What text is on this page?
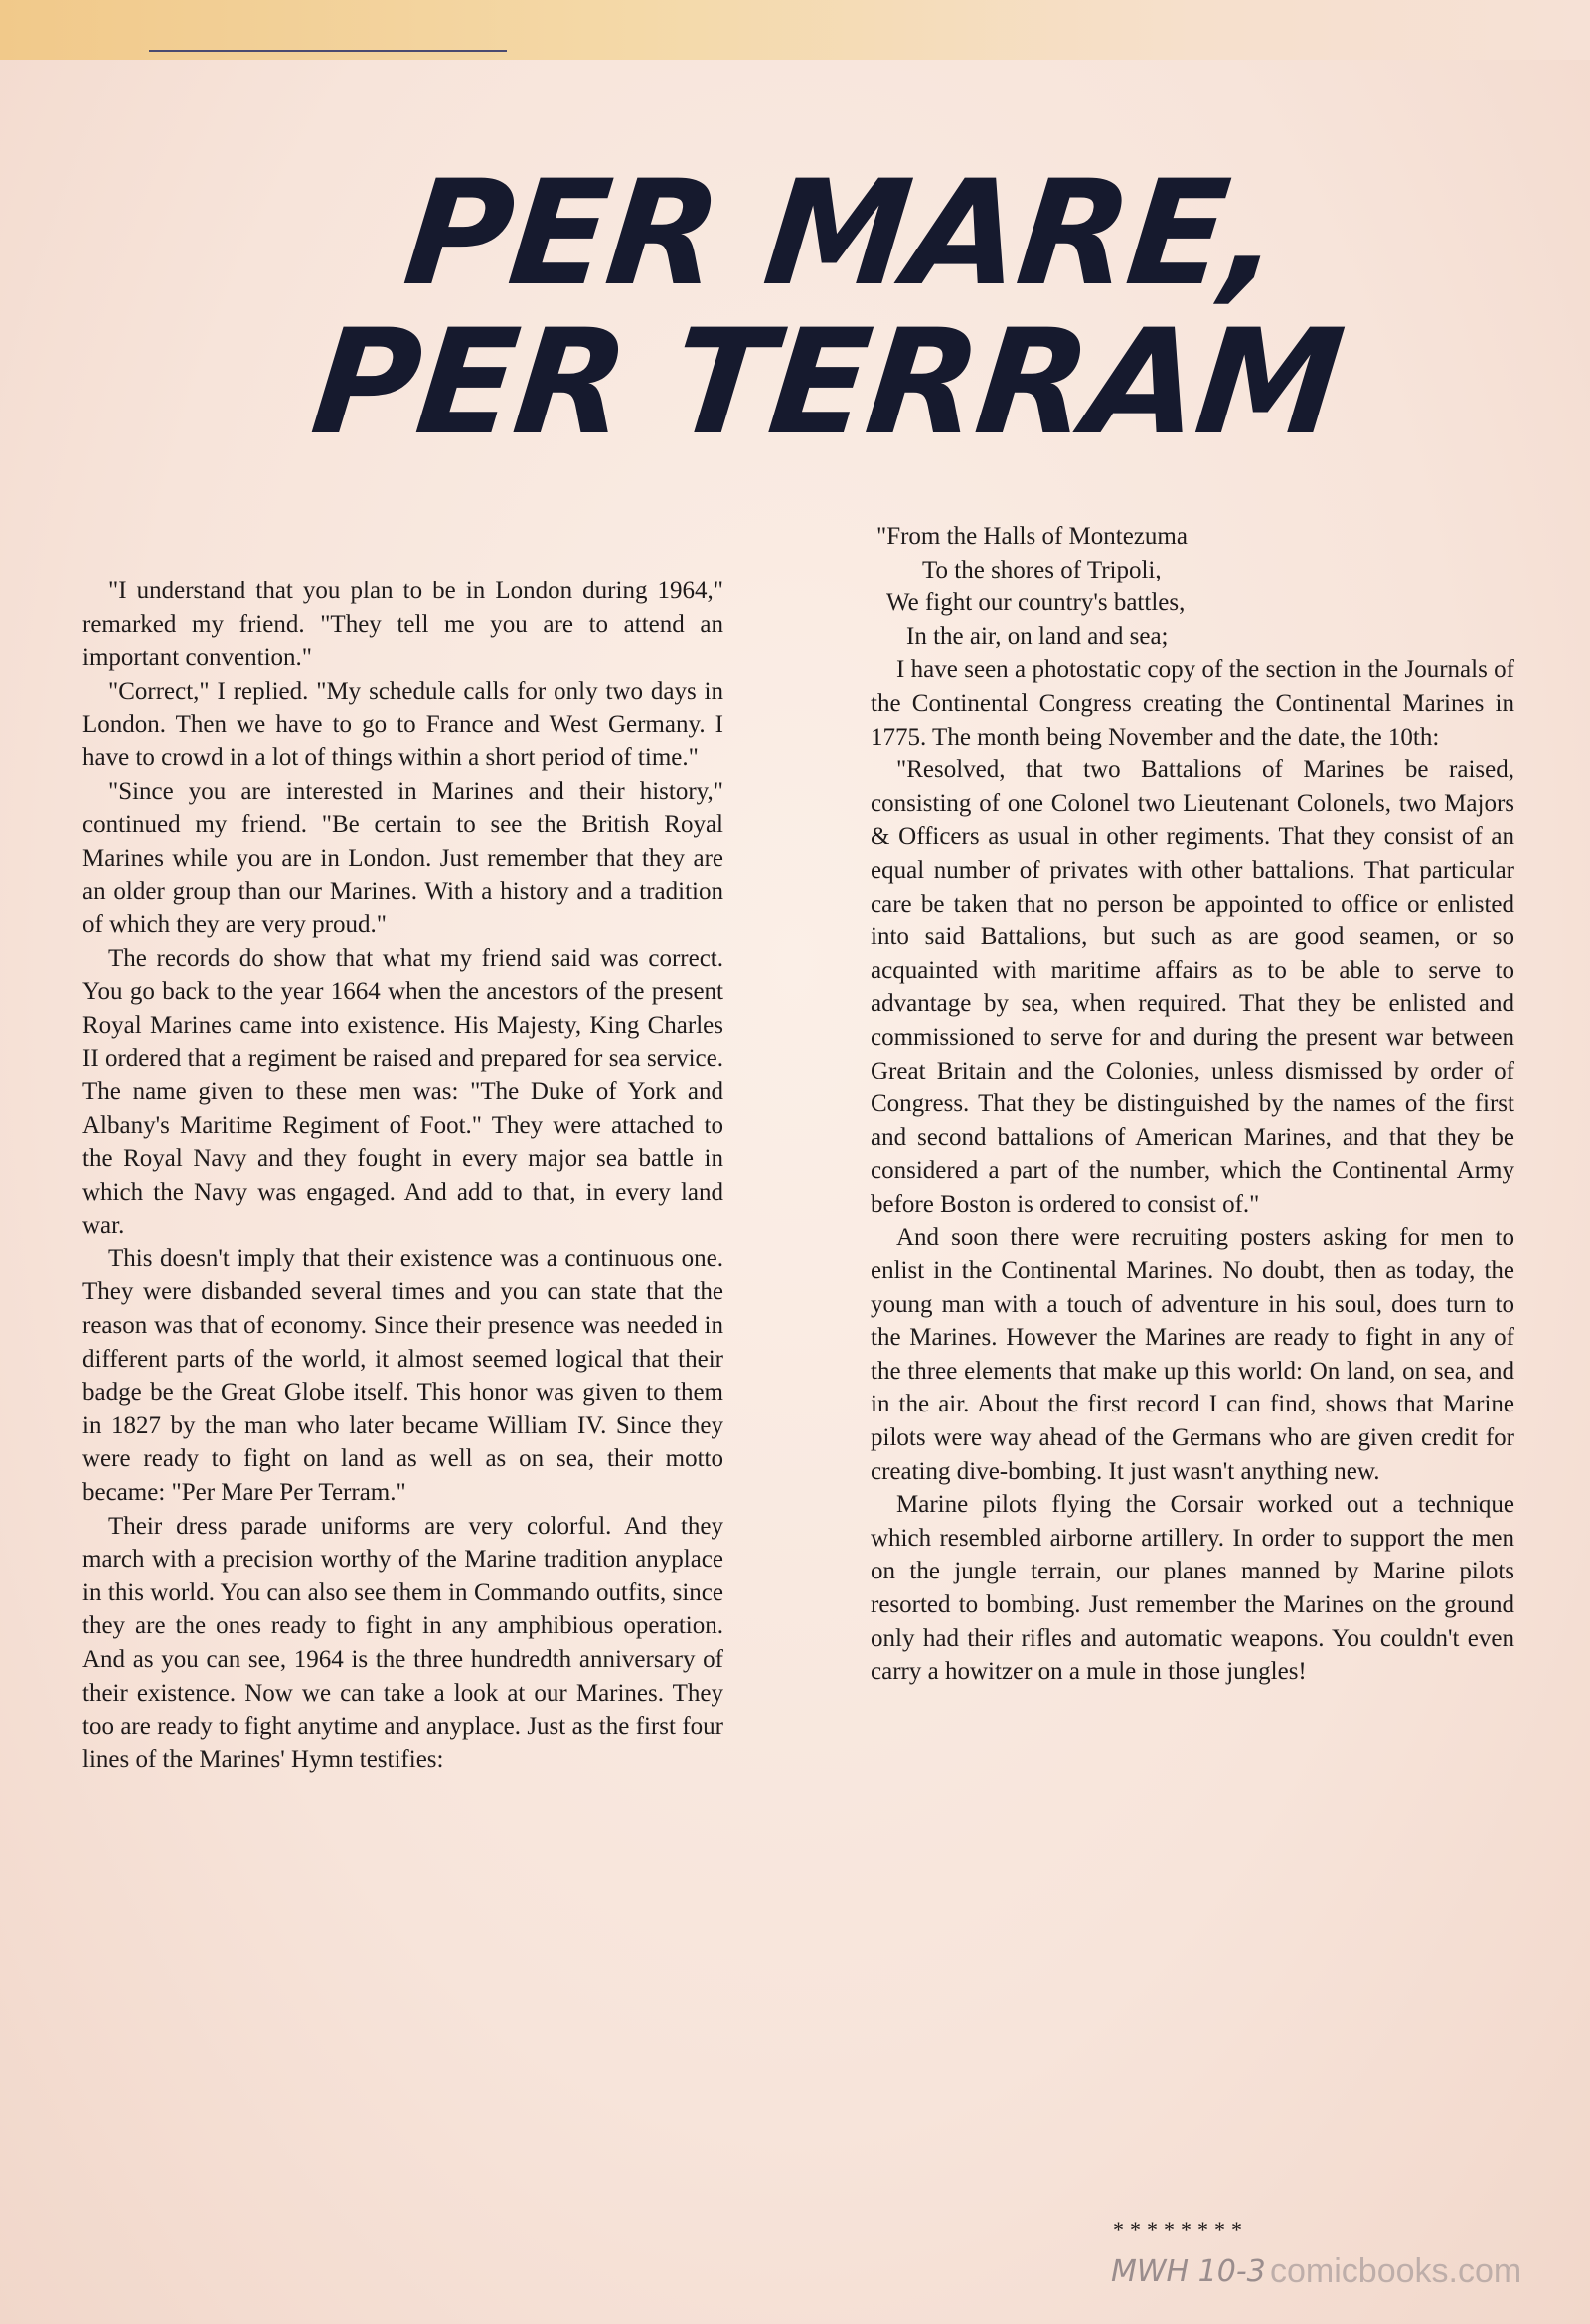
PER MARE,
PER TERRAM

"I understand that you plan to be in London during 1964," remarked my friend. "They tell me you are to attend an important convention."

"Correct," I replied. "My schedule calls for only two days in London. Then we have to go to France and West Germany. I have to crowd in a lot of things within a short period of time."

"Since you are interested in Marines and their history," continued my friend. "Be certain to see the British Royal Marines while you are in London. Just remember that they are an older group than our Marines. With a history and a tradition of which they are very proud."

The records do show that what my friend said was correct. You go back to the year 1664 when the ancestors of the present Royal Marines came into existence. His Majesty, King Charles II ordered that a regiment be raised and prepared for sea service. The name given to these men was: "The Duke of York and Albany's Maritime Regiment of Foot." They were attached to the Royal Navy and they fought in every major sea battle in which the Navy was engaged. And add to that, in every land war.

This doesn't imply that their existence was a continuous one. They were disbanded several times and you can state that the reason was that of economy. Since their presence was needed in different parts of the world, it almost seemed logical that their badge be the Great Globe itself. This honor was given to them in 1827 by the man who later became William IV. Since they were ready to fight on land as well as on sea, their motto became: "Per Mare Per Terram."

Their dress parade uniforms are very colorful. And they march with a precision worthy of the Marine tradition anyplace in this world. You can also see them in Commando outfits, since they are the ones ready to fight in any amphibious operation. And as you can see, 1964 is the three hundredth anniversary of their existence. Now we can take a look at our Marines. They too are ready to fight anytime and anyplace. Just as the first four lines of the Marines' Hymn testifies:

"From the Halls of Montezuma
To the shores of Tripoli,
We fight our country's battles,
In the air, on land and sea;

I have seen a photostatic copy of the section in the Journals of the Continental Congress creating the Continental Marines in 1775. The month being November and the date, the 10th:

"Resolved, that two Battalions of Marines be raised, consisting of one Colonel two Lieutenant Colonels, two Majors & Officers as usual in other regiments. That they consist of an equal number of privates with other battalions. That particular care be taken that no person be appointed to office or enlisted into said Battalions, but such as are good seamen, or so acquainted with maritime affairs as to be able to serve to advantage by sea, when required. That they be enlisted and commissioned to serve for and during the present war between Great Britain and the Colonies, unless dismissed by order of Congress. That they be distinguished by the names of the first and second battalions of American Marines, and that they be considered a part of the number, which the Continental Army before Boston is ordered to consist of."

And soon there were recruiting posters asking for men to enlist in the Continental Marines. No doubt, then as today, the young man with a touch of adventure in his soul, does turn to the Marines. However the Marines are ready to fight in any of the three elements that make up this world: On land, on sea, and in the air. About the first record I can find, shows that Marine pilots were way ahead of the Germans who are given credit for creating dive-bombing. It just wasn't anything new.

Marine pilots flying the Corsair worked out a technique which resembled airborne artillery. In order to support the men on the jungle terrain, our planes manned by Marine pilots resorted to bombing. Just remember the Marines on the ground only had their rifles and automatic weapons. You couldn't even carry a howitzer on a mule in those jungles!

********
MWH 10-3 comicbooks.com
